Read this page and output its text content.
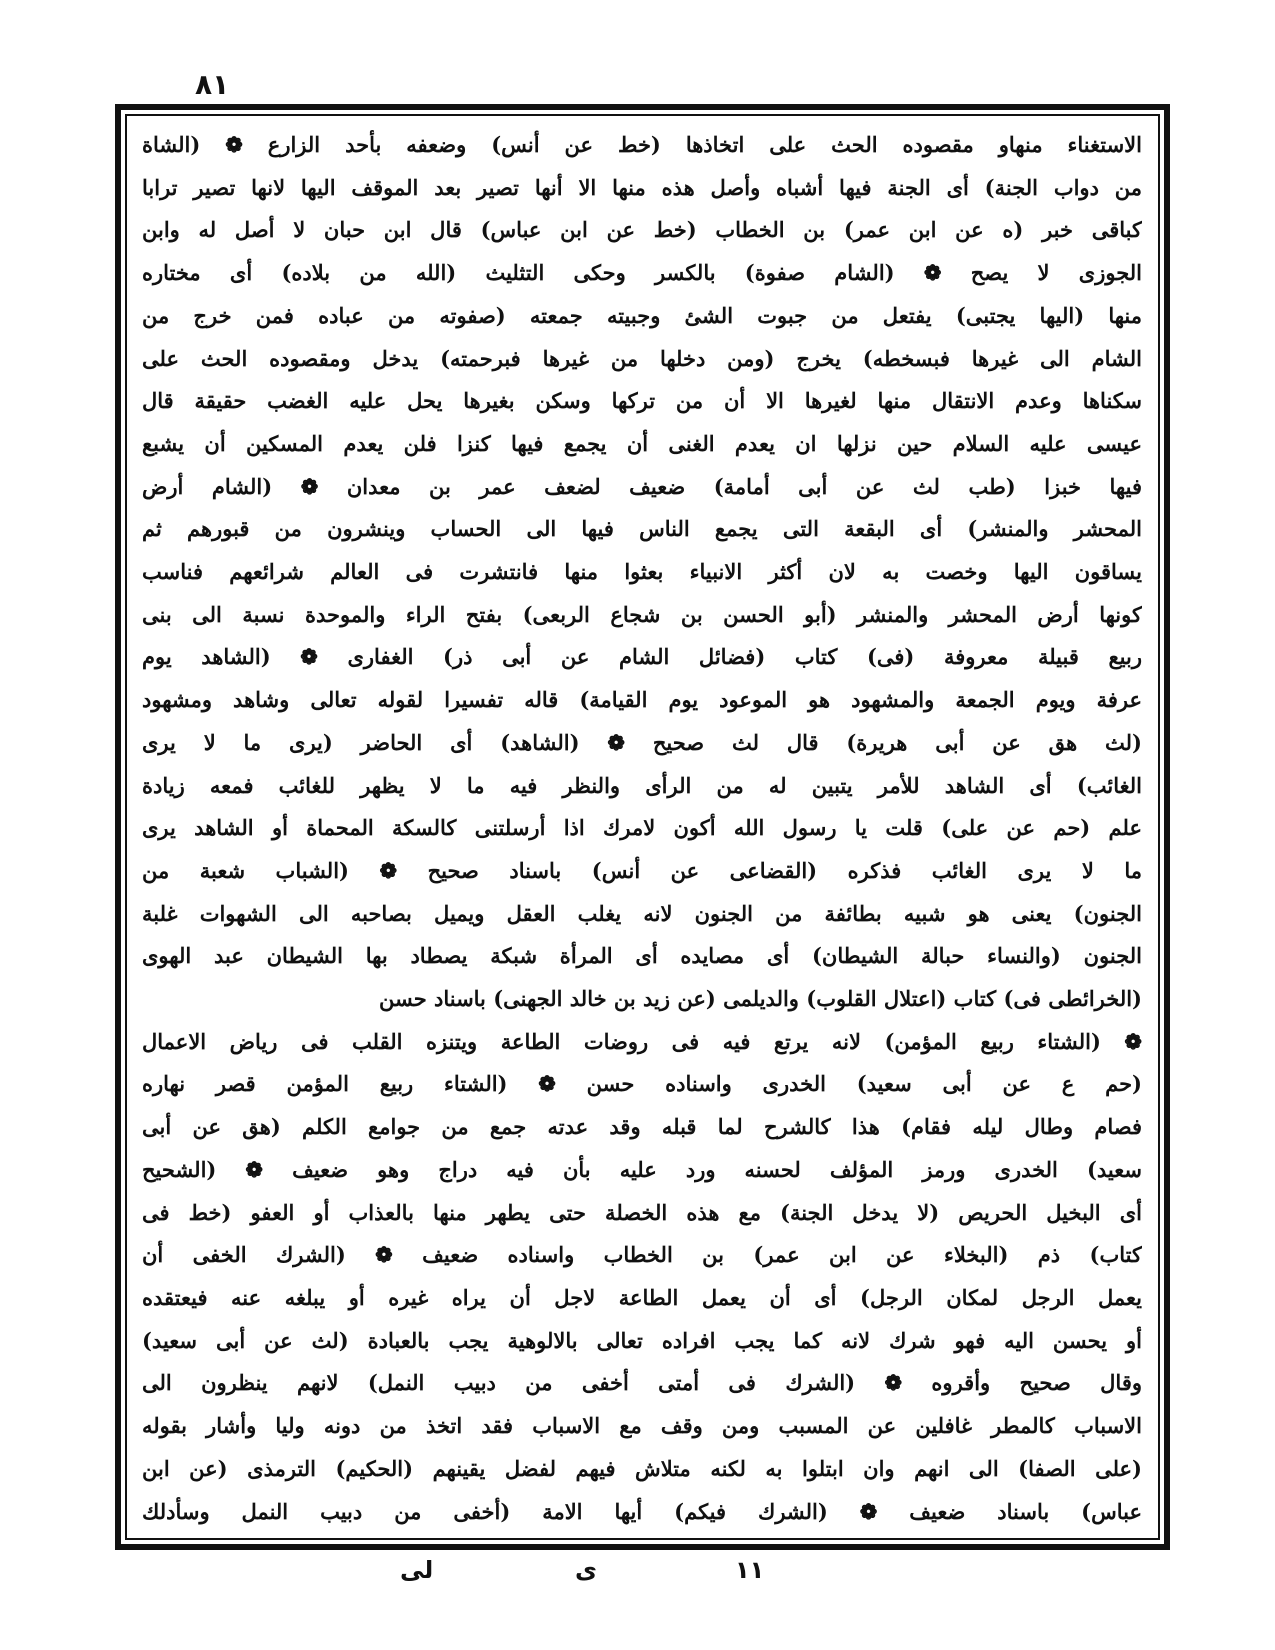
٨١
الاستغناء منهاو مقصوده الحث على اتخاذها (خط عن أنس) وضعفه بأحد الزارع ❁ (الشاة
من دواب الجنة) أى الجنة فيها أشباه وأصل هذه منها الا أنها تصير بعد الموقف اليها لانها تصير ترابا
كباقى خبر (ه عن ابن عمر) بن الخطاب (خط عن ابن عباس) قال ابن حبان لا أصل له وابن
الجوزى لا يصح ❁ (الشام صفوة) بالكسر وحكى التثليث (الله من بلاده) أى مختاره
منها (اليها يجتبى) يفتعل من جبوت الشئ وجبيته جمعته (صفوته من عباده فمن خرج من
الشام الى غيرها فبسخطه) يخرج (ومن دخلها من غيرها فبرحمته) يدخل ومقصوده الحث على
سكناها وعدم الانتقال منها لغيرها الا أن من تركها وسكن بغيرها يحل عليه الغضب حقيقة قال
عيسى عليه السلام حين نزلها ان يعدم الغنى أن يجمع فيها كنزا فلن يعدم المسكين أن يشبع
فيها خبزا (طب لث عن أبى أمامة) ضعيف لضعف عمر بن معدان ❁ (الشام أرض
المحشر والمنشر) أى البقعة التى يجمع الناس فيها الى الحساب وينشرون من قبورهم ثم
يساقون اليها وخصت به لان أكثر الانبياء بعثوا منها فانتشرت فى العالم شرائعهم فناسب
كونها أرض المحشر والمنشر (أبو الحسن بن شجاع الربعى) بفتح الراء والموحدة نسبة الى بنى
ربيع قبيلة معروفة (فى) كتاب (فضائل الشام عن أبى ذر) الغفارى ❁ (الشاهد يوم
عرفة ويوم الجمعة والمشهود هو الموعود يوم القيامة) قاله تفسيرا لقوله تعالى وشاهد ومشهود
(لث هق عن أبى هريرة) قال لث صحيح ❁ (الشاهد) أى الحاضر (يرى ما لا يرى
الغائب) أى الشاهد للأمر يتبين له من الرأى والنظر فيه ما لا يظهر للغائب فمعه زيادة
علم (حم عن على) قلت يا رسول الله أكون لامرك اذا أرسلتنى كالسكة المحماة أو الشاهد يرى
ما لا يرى الغائب فذكره (القضاعى عن أنس) باسناد صحيح ❁ (الشباب شعبة من
الجنون) يعنى هو شبيه بطائفة من الجنون لانه يغلب العقل ويميل بصاحبه الى الشهوات غلبة
الجنون (والنساء حبالة الشيطان) أى مصايده أى المرأة شبكة يصطاد بها الشيطان عبد الهوى
(الخرائطى فى) كتاب (اعتلال القلوب) والديلمى (عن زيد بن خالد الجهنى) باسناد حسن
❁ (الشتاء ربيع المؤمن) لانه يرتع فيه فى روضات الطاعة ويتنزه القلب فى رياض الاعمال
(حم ع عن أبى سعيد) الخدرى واسناده حسن ❁ (الشتاء ربيع المؤمن قصر نهاره
فصام وطال ليله فقام) هذا كالشرح لما قبله وقد عدته جمع من جوامع الكلم (هق عن أبى
سعيد) الخدرى ورمز المؤلف لحسنه ورد عليه بأن فيه دراج وهو ضعيف ❁ (الشحيح
أى البخيل الحريص (لا يدخل الجنة) مع هذه الخصلة حتى يطهر منها بالعذاب أو العفو (خط فى
كتاب) ذم (البخلاء عن ابن عمر) بن الخطاب واسناده ضعيف ❁ (الشرك الخفى أن
يعمل الرجل لمكان الرجل) أى أن يعمل الطاعة لاجل أن يراه غيره أو يبلغه عنه فيعتقده
أو يحسن اليه فهو شرك لانه كما يجب افراده تعالى بالالوهية يجب بالعبادة (لث عن أبى سعيد)
وقال صحيح وأقروه ❁ (الشرك فى أمتى أخفى من دبيب النمل) لانهم ينظرون الى
الاسباب كالمطر غافلين عن المسبب ومن وقف مع الاسباب فقد اتخذ من دونه وليا وأشار بقوله
(على الصفا) الى انهم وان ابتلوا به لكنه متلاش فيهم لفضل يقينهم (الحكيم) الترمذى (عن ابن
عباس) باسناد ضعيف ❁ (الشرك فيكم) أيها الامة (أخفى من دبيب النمل وسأدلك
لى	ى	١١
